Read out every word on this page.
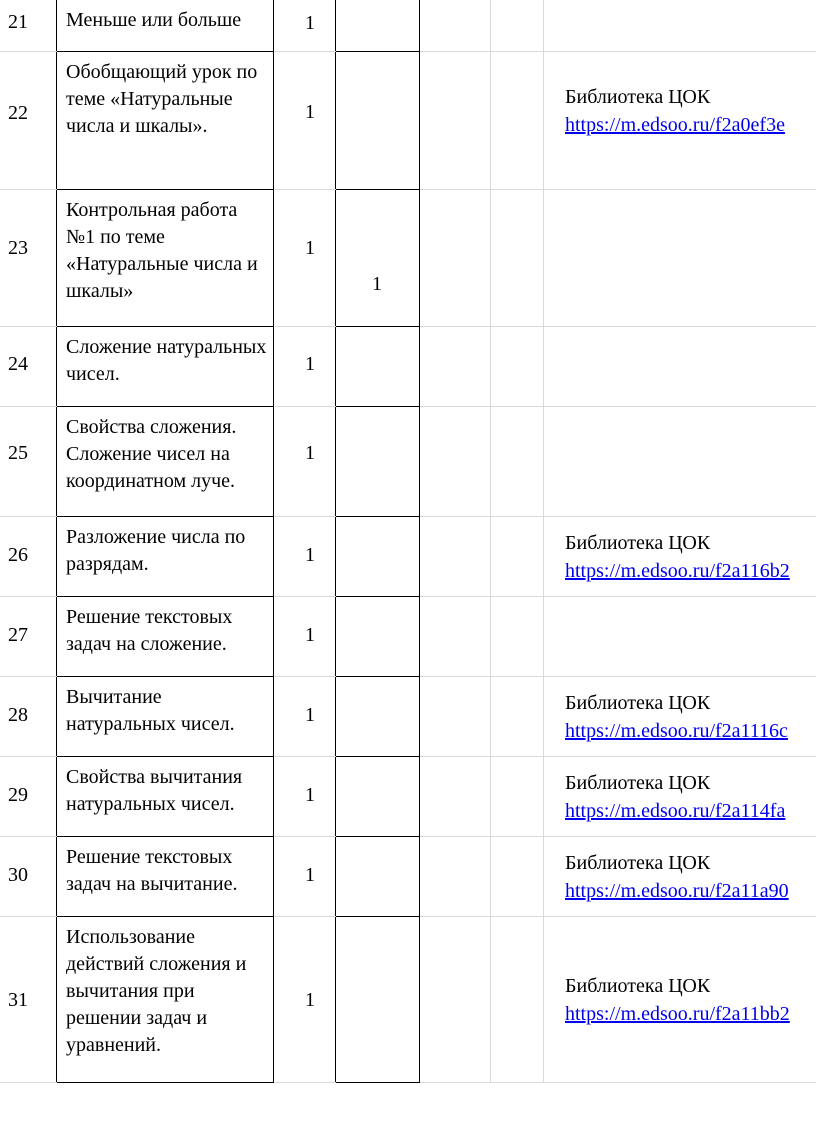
21	Меньше или больше	1				

22	Обобщающий урок по теме «Натуральные числа и шкалы».	1				Библиотека ЦОК
https://m.edsoo.ru/f2a0ef3e

23	Контрольная работа №1 по теме «Натуральные числа и шкалы»	1	1			

24	Сложение натуральных чисел.	1				

25	Свойства сложения. Сложение чисел на координатном луче.	1				

26	Разложение числа по разрядам.	1				Библиотека ЦОК
https://m.edsoo.ru/f2a116b2

27	Решение текстовых задач на сложение.	1				

28	Вычитание натуральных чисел.	1				Библиотека ЦОК
https://m.edsoo.ru/f2a1116c

29	Свойства вычитания натуральных чисел.	1				Библиотека ЦОК
https://m.edsoo.ru/f2a114fa

30	Решение текстовых задач на вычитание.	1				Библиотека ЦОК
https://m.edsoo.ru/f2a11a90

31	Использование действий сложения и вычитания при решении задач и уравнений.	1				Библиотека ЦОК
https://m.edsoo.ru/f2a11bb2
